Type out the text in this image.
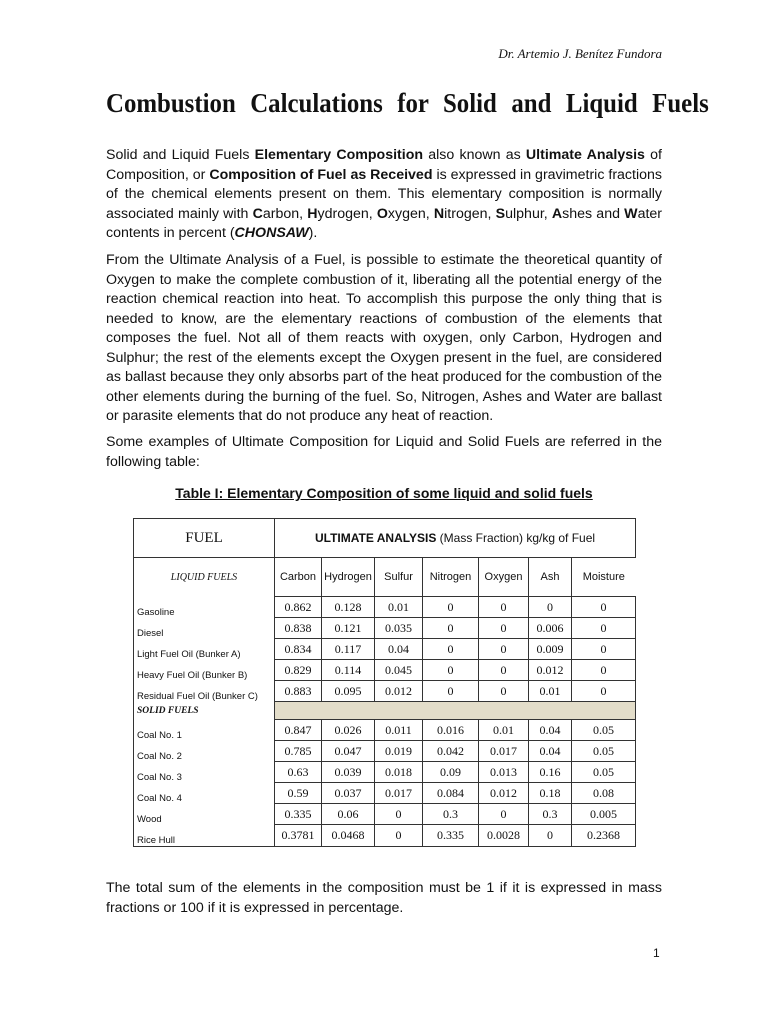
Dr. Artemio J. Benítez Fundora
Combustion Calculations for Solid and Liquid Fuels

Solid and Liquid Fuels Elementary Composition also known as Ultimate Analysis of Composition, or Composition of Fuel as Received is expressed in gravimetric fractions of the chemical elements present on them. This elementary composition is normally associated mainly with Carbon, Hydrogen, Oxygen, Nitrogen, Sulphur, Ashes and Water contents in percent (CHONSAW).

From the Ultimate Analysis of a Fuel, is possible to estimate the theoretical quantity of Oxygen to make the complete combustion of it, liberating all the potential energy of the reaction chemical reaction into heat. To accomplish this purpose the only thing that is needed to know, are the elementary reactions of combustion of the elements that composes the fuel. Not all of them reacts with oxygen, only Carbon, Hydrogen and Sulphur; the rest of the elements except the Oxygen present in the fuel, are considered as ballast because they only absorbs part of the heat produced for the combustion of the other elements during the burning of the fuel. So, Nitrogen, Ashes and Water are ballast or parasite elements that do not produce any heat of reaction.

Some examples of Ultimate Composition for Liquid and Solid Fuels are referred in the following table:

Table I: Elementary Composition of some liquid and solid fuels

FUEL	ULTIMATE ANALYSIS (Mass Fraction) kg/kg of Fuel						
LIQUID FUELS	Carbon	Hydrogen	Sulfur	Nitrogen	Oxygen	Ash	Moisture
Gasoline	0.862	0.128	0.01	0	0	0	0
Diesel	0.838	0.121	0.035	0	0	0.006	0
Light Fuel Oil (Bunker A)	0.834	0.117	0.04	0	0	0.009	0
Heavy Fuel Oil (Bunker B)	0.829	0.114	0.045	0	0	0.012	0
Residual Fuel Oil (Bunker C)	0.883	0.095	0.012	0	0	0.01	0
SOLID FUELS							
Coal No. 1	0.847	0.026	0.011	0.016	0.01	0.04	0.05
Coal No. 2	0.785	0.047	0.019	0.042	0.017	0.04	0.05
Coal No. 3	0.63	0.039	0.018	0.09	0.013	0.16	0.05
Coal No. 4	0.59	0.037	0.017	0.084	0.012	0.18	0.08
Wood	0.335	0.06	0	0.3	0	0.3	0.005
Rice Hull	0.3781	0.0468	0	0.335	0.0028	0	0.2368

The total sum of the elements in the composition must be 1 if it is expressed in mass fractions or 100 if it is expressed in percentage.

1
